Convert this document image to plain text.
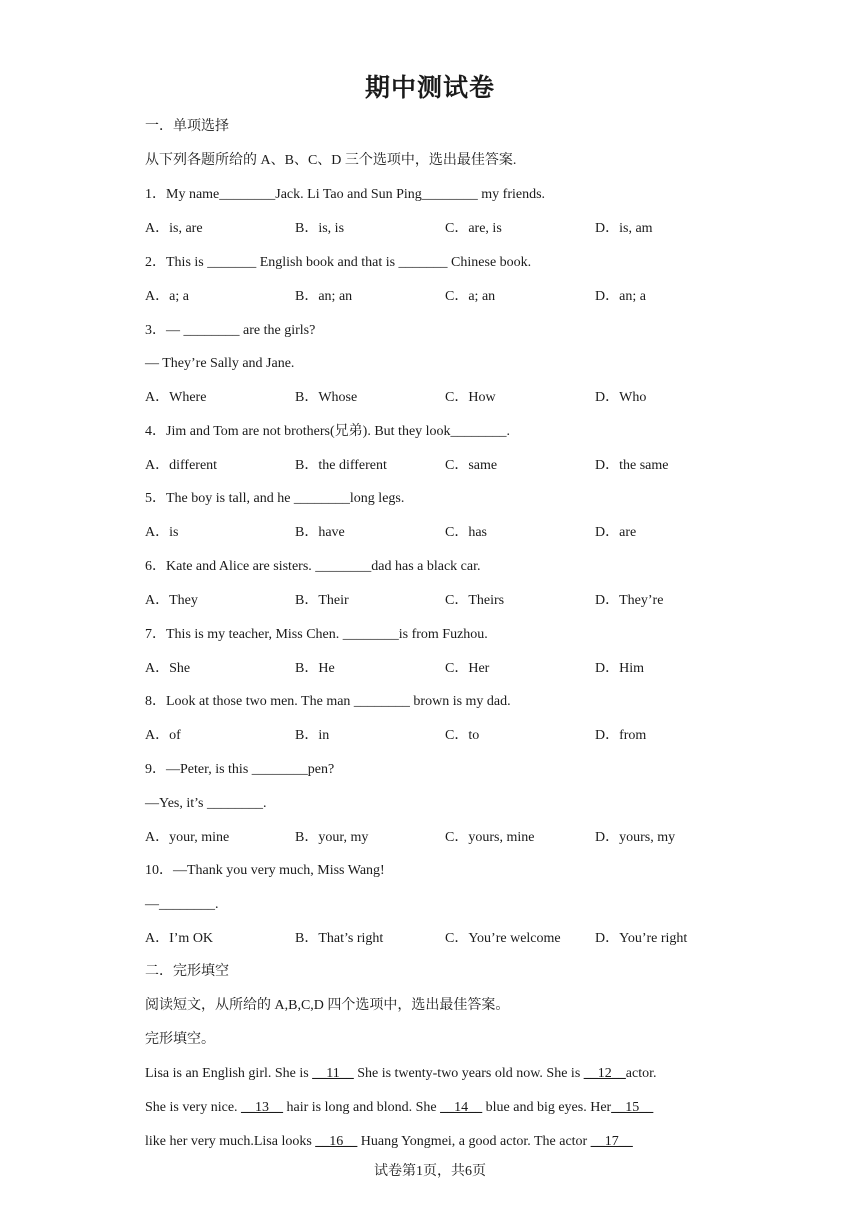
期中测试卷
一．单项选择
从下列各题所给的 A、B、C、D 三个选项中，选出最佳答案.
1．My name________Jack. Li Tao and Sun Ping________ my friends.
A．is, are	B．is, is	C．are, is	D．is, am
2．This is _______ English book and that is _______ Chinese book.
A．a; a	B．an; an	C．a; an	D．an; a
3．— ________ are the girls?
— They’re Sally and Jane.
A．Where	B．Whose	C．How	D．Who
4．Jim and Tom are not brothers(兄弟). But they look________.
A．different	B．the different	C．same	D．the same
5．The boy is tall, and he ________long legs.
A．is	B．have	C．has	D．are
6．Kate and Alice are sisters. ________dad has a black car.
A．They	B．Their	C．Theirs	D．They’re
7．This is my teacher, Miss Chen. ________is from Fuzhou.
A．She	B．He	C．Her	D．Him
8．Look at those two men. The man ________ brown is my dad.
A．of	B．in	C．to	D．from
9．—Peter, is this ________pen?
—Yes, it’s ________.
A．your, mine	B．your, my	C．yours, mine	D．yours, my
10．—Thank you very much, Miss Wang!
—________.
A．I’m OK	B．That’s right	C．You’re welcome D．You’re right
二．完形填空
阅读短文，从所给的 A,B,C,D 四个选项中，选出最佳答案。
完形填空。
Lisa is an English girl. She is __11__ She is twenty-two years old now. She is __12__actor.
She is very nice. __13__ hair is long and blond. She __14__ blue and big eyes. Her__15__
like her very much.Lisa looks __16__ Huang Yongmei, a good actor. The actor __17__
试卷第1页，共6页
